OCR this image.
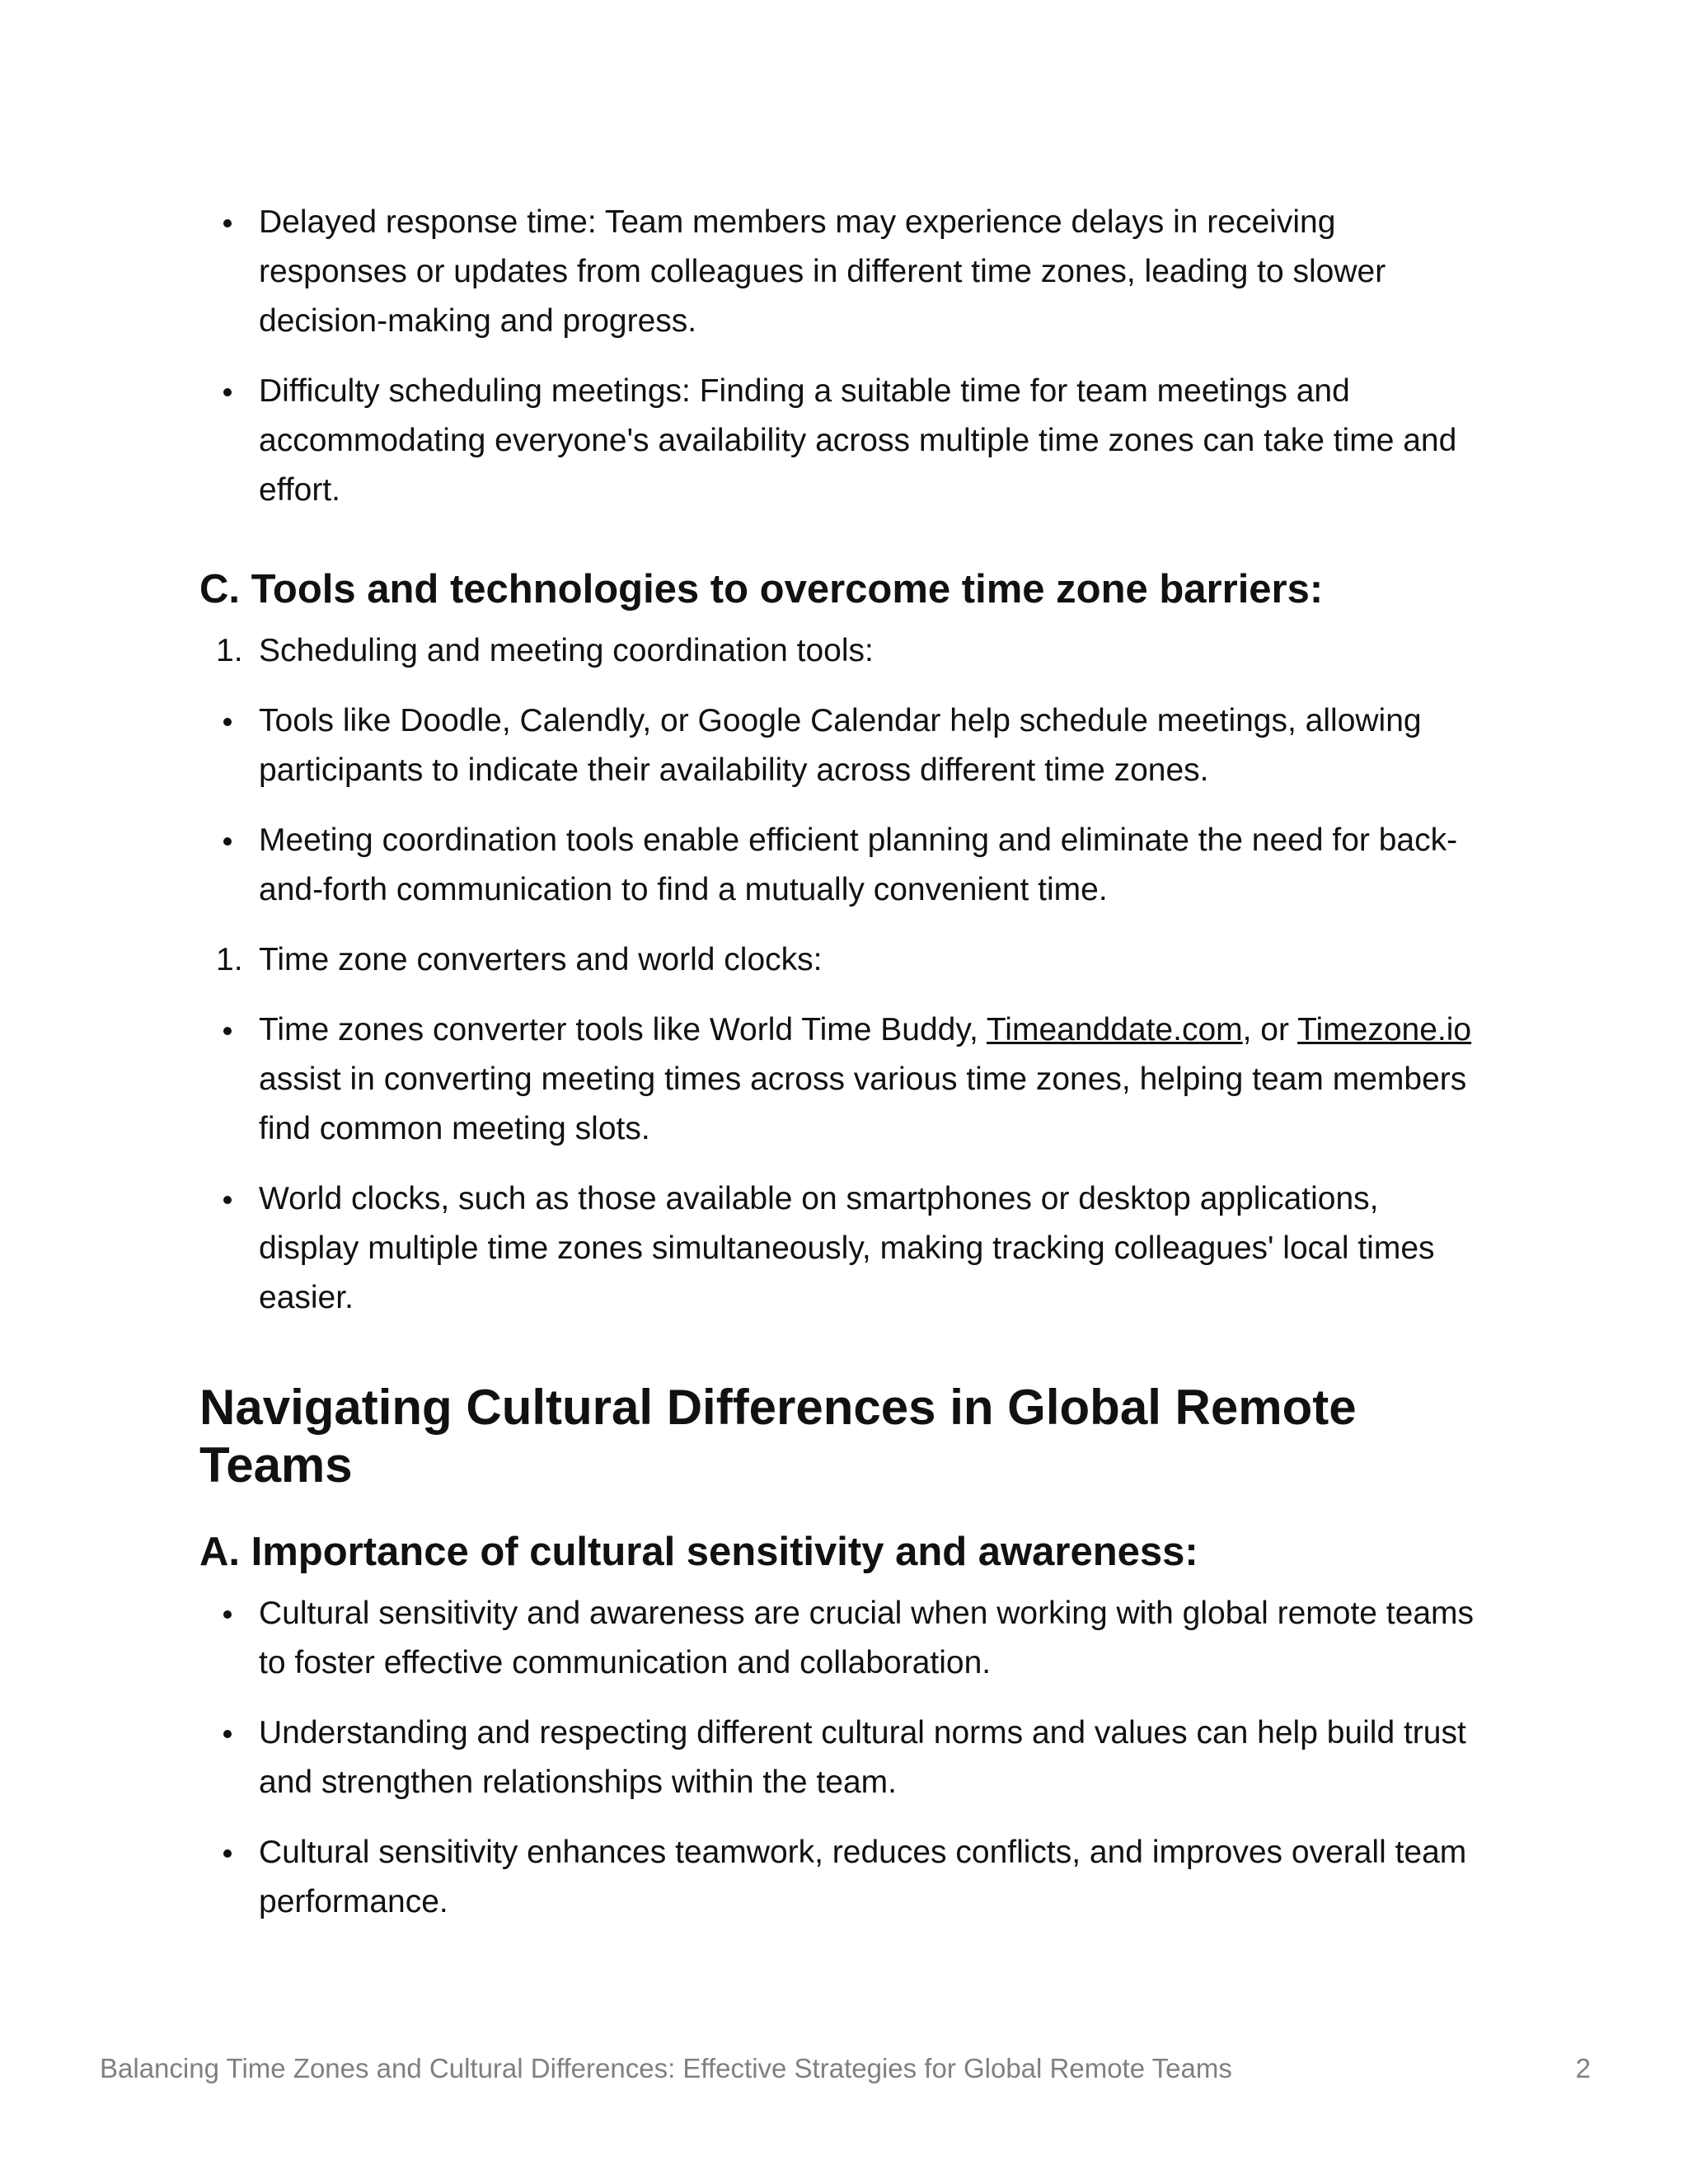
Delayed response time: Team members may experience delays in receiving responses or updates from colleagues in different time zones, leading to slower decision-making and progress.
Difficulty scheduling meetings: Finding a suitable time for team meetings and accommodating everyone's availability across multiple time zones can take time and effort.
C. Tools and technologies to overcome time zone barriers:
1. Scheduling and meeting coordination tools:
Tools like Doodle, Calendly, or Google Calendar help schedule meetings, allowing participants to indicate their availability across different time zones.
Meeting coordination tools enable efficient planning and eliminate the need for back-and-forth communication to find a mutually convenient time.
1. Time zone converters and world clocks:
Time zones converter tools like World Time Buddy, Timeanddate.com, or Timezone.io assist in converting meeting times across various time zones, helping team members find common meeting slots.
World clocks, such as those available on smartphones or desktop applications, display multiple time zones simultaneously, making tracking colleagues' local times easier.
Navigating Cultural Differences in Global Remote Teams
A. Importance of cultural sensitivity and awareness:
Cultural sensitivity and awareness are crucial when working with global remote teams to foster effective communication and collaboration.
Understanding and respecting different cultural norms and values can help build trust and strengthen relationships within the team.
Cultural sensitivity enhances teamwork, reduces conflicts, and improves overall team performance.
Balancing Time Zones and Cultural Differences: Effective Strategies for Global Remote Teams	2
